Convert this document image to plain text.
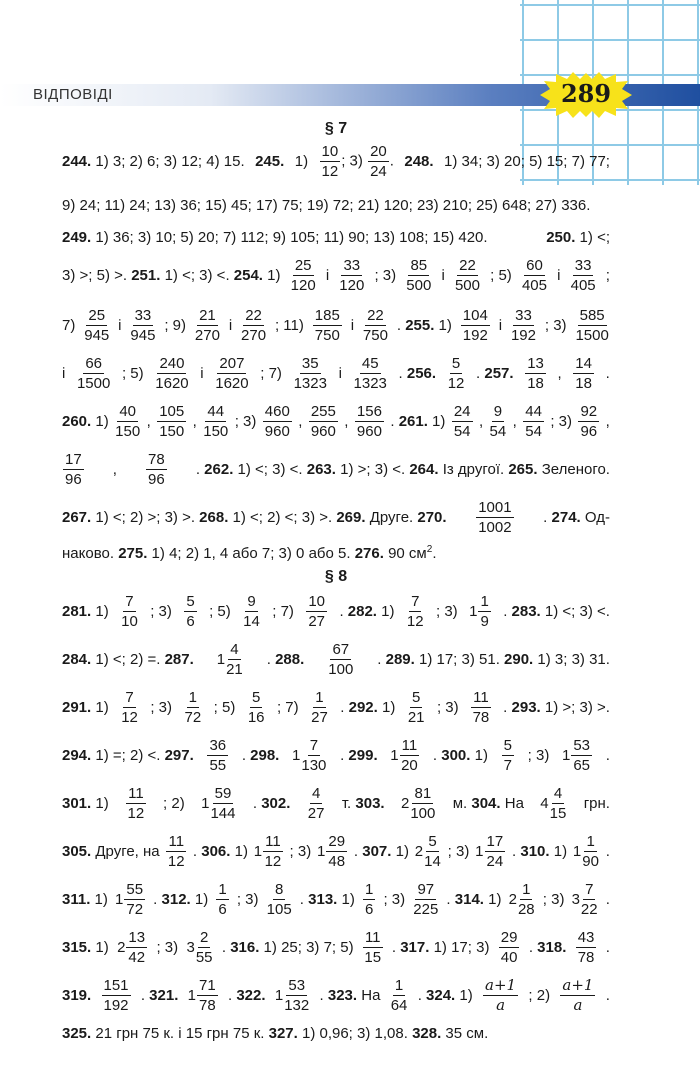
ВІДПОВІДІ	289
§ 7
244. 1) 3; 2) 6; 3) 12; 4) 15. 245. $1) \frac{10}{12}$ ; $3) \frac{20}{24}$ . 248. 1) 34; 3) 20; 5) 15; 7) 77;
9) 24; 11) 24; 13) 36; 15) 45; 17) 75; 19) 72; 21) 120; 23) 210; 25) 648; 27) 336.
249. 1) 36; 3) 10; 5) 20; 7) 112; 9) 105; 11) 90; 13) 108; 15) 420.	250. 1) <;
3) >; 5) >. 251. 1) <; 3) <. 254. 1)
25
120
і
33
120
; 3)
85
500
і
22
500
; 5)
60
405
і
33
405
;
7)
25
945
і
33
945
; 9)
21
270
і
22
270
; 11)
185
750
і
22
750
. 255. 1)
104
192
і
33
192
; 3)
585
1500
і
66
1500
; 5)
240
1620
і
207
1620
; 7)
35
1323
і
45
1323
. 256.
5
12
. 257.
13
18
,
14
18
.
260. 1)
40
150
,
105
150
,
44
150
; 3)
460
960
,
255
960
,
156
960
. 261. 1)
24
54
,
9
54
,
44
54
; 3)
92
96
,
17
96
,
78
96
. 262. 1) <; 3) <. 263. 1) >; 3) <. 264. Із другої. 265. Зеленого.
267. 1) <; 2) >; 3) >. 268. 1) <; 2) <; 3) >. 269. Друге. 270.
1001
1002
. 274. Од-
наково. 275. 1) 4; 2) 1, 4 або 7; 3) 0 або 5. 276. 90 $см^2$.
§ 8
281. 1)
7
10
; 3)
5
6
; 5)
9
14
; 7)
10
27
. 282. 1)
7
12
; 3) 1
1
9
. 283. 1) <; 3) <.
284. 1) <; 2) =. 287. 1
4
21
. 288.
67
100
. 289. 1) 17; 3) 51. 290. 1) 3; 3) 31.
291. 1)
7
12
; 3)
1
72
; 5)
5
16
; 7)
1
27
. 292. 1)
5
21
; 3)
11
78
. 293. 1) >; 3) >.
294. 1) =; 2) <. 297.
36
55
. 298. 1
7
130
. 299. 1
11
20
. 300. 1)
5
7
; 3) 1
53
65
.
301. 1)
11
12
; 2) 1
59
144
. 302.
4
27
т. 303. 2
81
100
м. 304. На 4
4
15
грн.
305. Друге, на
11
12
. 306. 1) 1
11
12
; 3) 1
29
48
. 307. 1) 2
5
14
; 3) 1
17
24
. 310. 1) 1
1
90
.
311. 1) 1
55
72
. 312. 1)
1
6
; 3)
8
105
. 313. 1)
1
6
; 3)
97
225
. 314. 1) 2
1
28
; 3) 3
7
22
.
315. 1) 2
13
42
; 3) 3
2
55
. 316. 1) 25; 3) 7; 5)
11
15
. 317. 1) 17; 3)
29
40
. 318.
43
78
.
319.
151
192
. 321. 1
71
78
. 322. 1
53
132
. 323. На
1
64
. 324. 1)
a+1
a
; 2)
a+1
a
.
325. 21 грн 75 к. і 15 грн 75 к. 327. 1) 0,96; 3) 1,08. 328. 35 см.
